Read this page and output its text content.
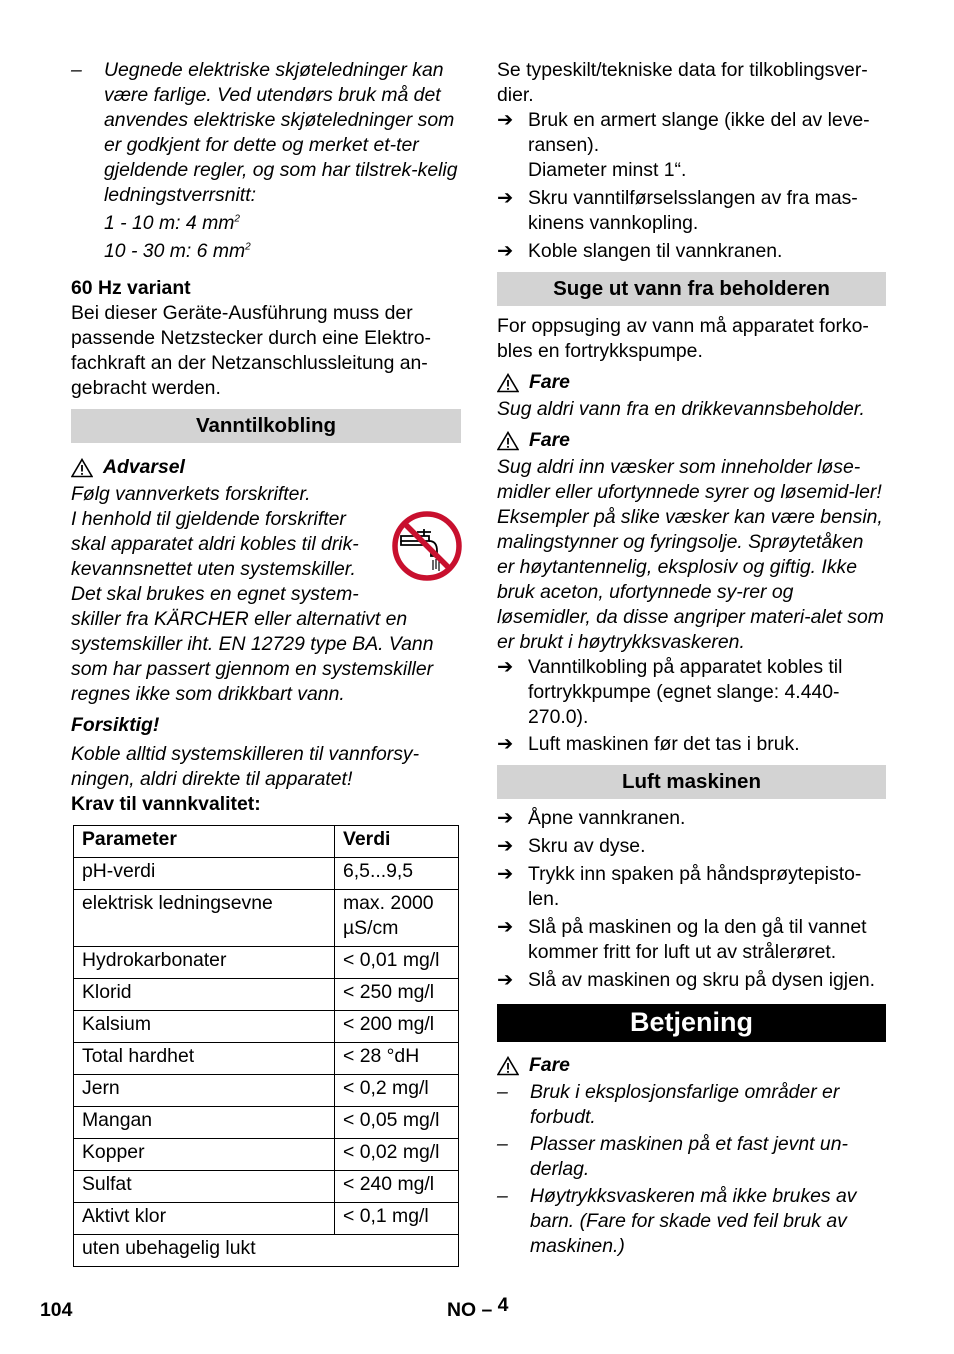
– Uegnede elektriske skjøteledninger kan være farlige. Ved utendørs bruk må det anvendes elektriske skjøteledninger som er godkjent for dette og merket et-ter gjeldende regler, og som har tilstrek-kelig ledningstverrsnitt:

1 - 10 m: 4 $mm^2$

10 - 30 m: 6 $mm^2$

60 Hz variant

Bei dieser Geräte-Ausführung muss der passende Netzstecker durch eine Elektro-fachkraft an der Netzanschlussleitung an-gebracht werden.

Vanntilkobling
Advarsel

Følg vannverkets forskrifter.

I henhold til gjeldende forskrifter skal apparatet aldri kobles til drik-kevannsnettet uten systemskiller. Det skal brukes en egnet system-skiller fra KÄRCHER eller alternativt en systemskiller iht. EN 12729 type BA. Vann som har passert gjennom en systemskiller regnes ikke som drikkbart vann.

Forsiktig!

Koble alltid systemskilleren til vannforsy-ningen, aldri direkte til apparatet!

Krav til vannkvalitet:

Parameter	Verdi
pH-verdi	6,5...9,5
elektrisk ledningsevne	max. 2000 µS/cm
Hydrokarbonater	< 0,01 mg/l
Klorid	< 250 mg/l
Kalsium	< 200 mg/l
Total hardhet	< 28 °dH
Jern	< 0,2 mg/l
Mangan	< 0,05 mg/l
Kopper	< 0,02 mg/l
Sulfat	< 240 mg/l
Aktivt klor	< 0,1 mg/l
uten ubehagelig lukt	

Se typeskilt/tekniske data for tilkoblingsver-dier.

➔ Bruk en armert slange (ikke del av leve-ransen).

Diameter minst 1“.

➔ Skru vanntilførselsslangen av fra mas-kinens vannkopling.

➔ Koble slangen til vannkranen.

Suge ut vann fra beholderen

For oppsuging av vann må apparatet forko-bles en fortrykkspumpe.

Fare

Sug aldri vann fra en drikkevannsbeholder.

Fare

Sug aldri inn væsker som inneholder løse-midler eller ufortynnede syrer og løsemid-ler! Eksempler på slike væsker kan være bensin, malingstynner og fyringsolje. Sprøytetåken er høytantennelig, eksplosiv og giftig. Ikke bruk aceton, ufortynnede sy-rer og løsemidler, da disse angriper materi-alet som er brukt i høytrykksvaskeren.

➔ Vanntilkobling på apparatet kobles til fortrykkpumpe (egnet slange: 4.440-270.0).

➔ Luft maskinen før det tas i bruk.

Luft maskinen
➔ Åpne vannkranen.

➔ Skru av dyse.

➔ Trykk inn spaken på håndsprøytepisto-len.

➔ Slå på maskinen og la den gå til vannet kommer fritt for luft ut av strålerøret.

➔ Slå av maskinen og skru på dysen igjen.

Betjening
Fare
– Bruk i eksplosjonsfarlige områder er forbudt.

– Plasser maskinen på et fast jevnt un-derlag.

– Høytrykksvaskeren må ikke brukes av barn. (Fare for skade ved feil bruk av maskinen.)

104	NO – 4
